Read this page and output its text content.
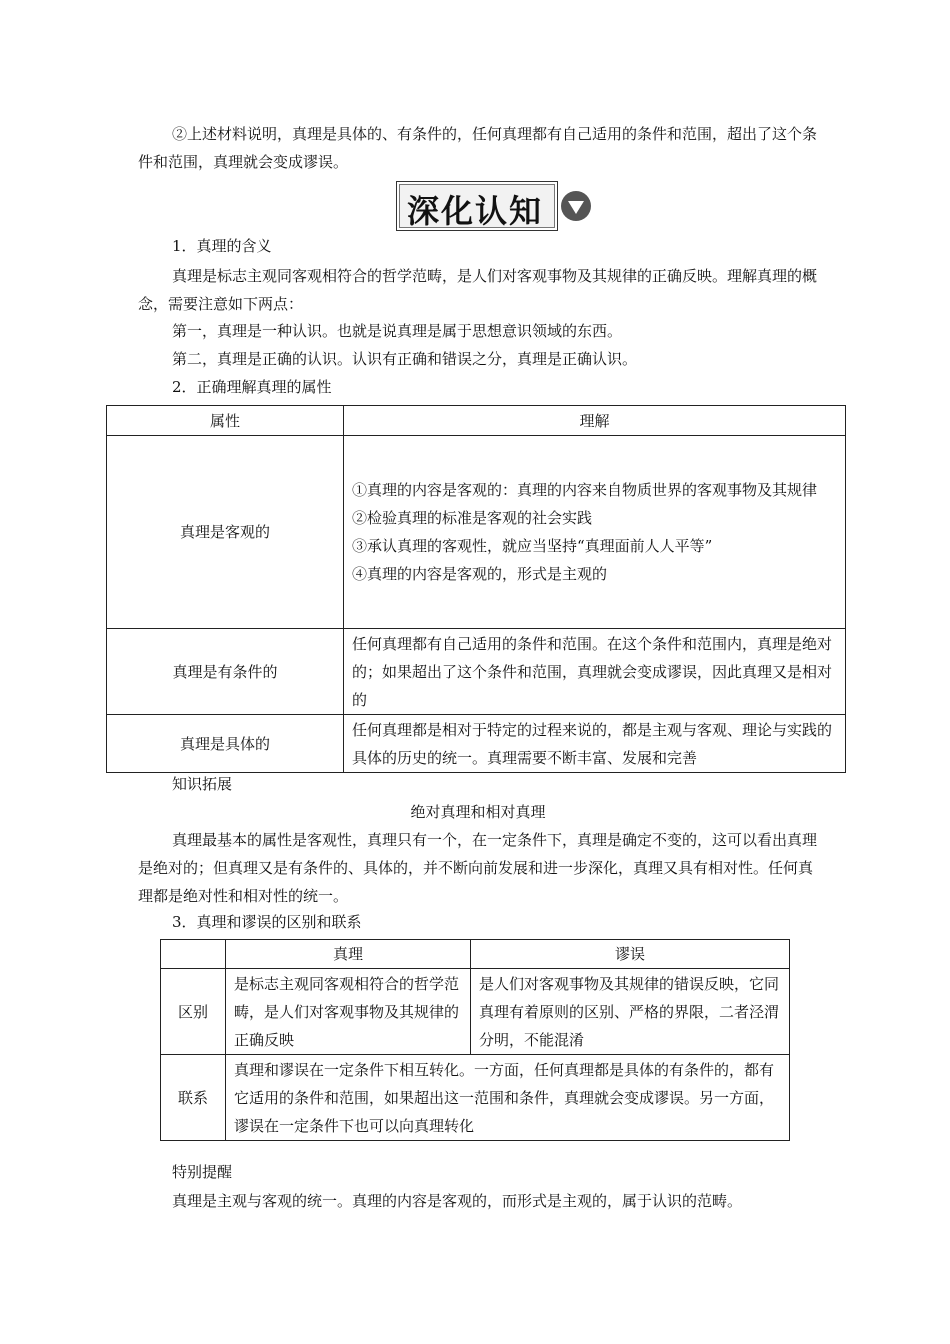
②上述材料说明，真理是具体的、有条件的，任何真理都有自己适用的条件和范围，超出了这个条件和范围，真理就会变成谬误。

深化认知

1．真理的含义

真理是标志主观同客观相符合的哲学范畴，是人们对客观事物及其规律的正确反映。理解真理的概念，需要注意如下两点：

第一，真理是一种认识。也就是说真理是属于思想意识领域的东西。

第二，真理是正确的认识。认识有正确和错误之分，真理是正确认识。

2．正确理解真理的属性

属性	理解
真理是客观的	①真理的内容是客观的：真理的内容来自物质世界的客观事物及其规律
②检验真理的标准是客观的社会实践
③承认真理的客观性，就应当坚持“真理面前人人平等”
④真理的内容是客观的，形式是主观的

真理是有条件的	任何真理都有自己适用的条件和范围。在这个条件和范围内，真理是绝对的；如果超出了这个条件和范围，真理就会变成谬误，因此真理又是相对的
真理是具体的	任何真理都是相对于特定的过程来说的，都是主观与客观、理论与实践的具体的历史的统一。真理需要不断丰富、发展和完善

知识拓展

绝对真理和相对真理

真理最基本的属性是客观性，真理只有一个，在一定条件下，真理是确定不变的，这可以看出真理是绝对的；但真理又是有条件的、具体的，并不断向前发展和进一步深化，真理又具有相对性。任何真理都是绝对性和相对性的统一。

3．真理和谬误的区别和联系

	真理	谬误
区别	是标志主观同客观相符合的哲学范畴，是人们对客观事物及其规律的正确反映	是人们对客观事物及其规律的错误反映，它同真理有着原则的区别、严格的界限，二者泾渭分明，不能混淆
联系	真理和谬误在一定条件下相互转化。一方面，任何真理都是具体的有条件的，都有它适用的条件和范围，如果超出这一范围和条件，真理就会变成谬误。另一方面，谬误在一定条件下也可以向真理转化	

特别提醒

真理是主观与客观的统一。真理的内容是客观的，而形式是主观的，属于认识的范畴。
